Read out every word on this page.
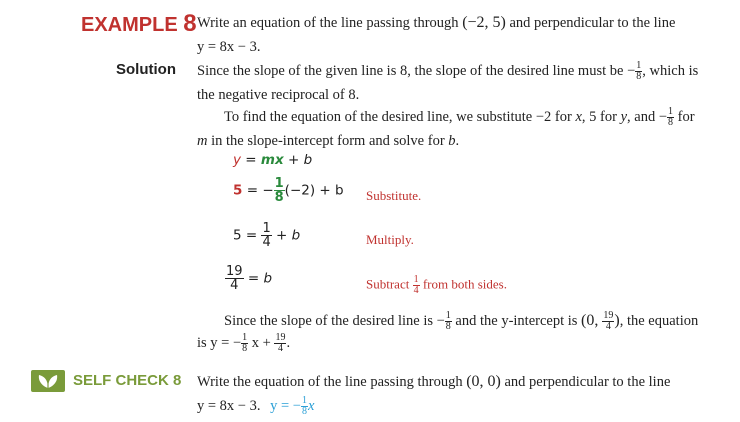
EXAMPLE 8 Write an equation of the line passing through (−2, 5) and perpendicular to the line
y = 8x − 3.
Solution Since the slope of the given line is 8, the slope of the desired line must be − $\frac{1}{8}$ , which is
the negative reciprocal of 8.
To find the equation of the desired line, we substitute −2 for x, 5 for y, and − $\frac{1}{8}$ for
m in the slope-intercept form and solve for b.
y = mx + b
5 = − $\frac{1}{8} (-2) + b$ Substitute.
$5 = \frac{1}{4} + b$	Multiply.
$\frac{19}{4} = b$	Subtract $\frac{1}{4}$ from both sides.
Since the slope of the desired line is − $\frac{1}{8}$ and the y-intercept is (0, $\frac{19}{4}$ ), the equation
is y = − $\frac{1}{8}$ $x + \frac{19}{4}$ .
SELF CHECK 8 Write the equation of the line passing through (0, 0) and perpendicular to the line
y = 8x − 3. y = − $\frac{1}{8}$ x
